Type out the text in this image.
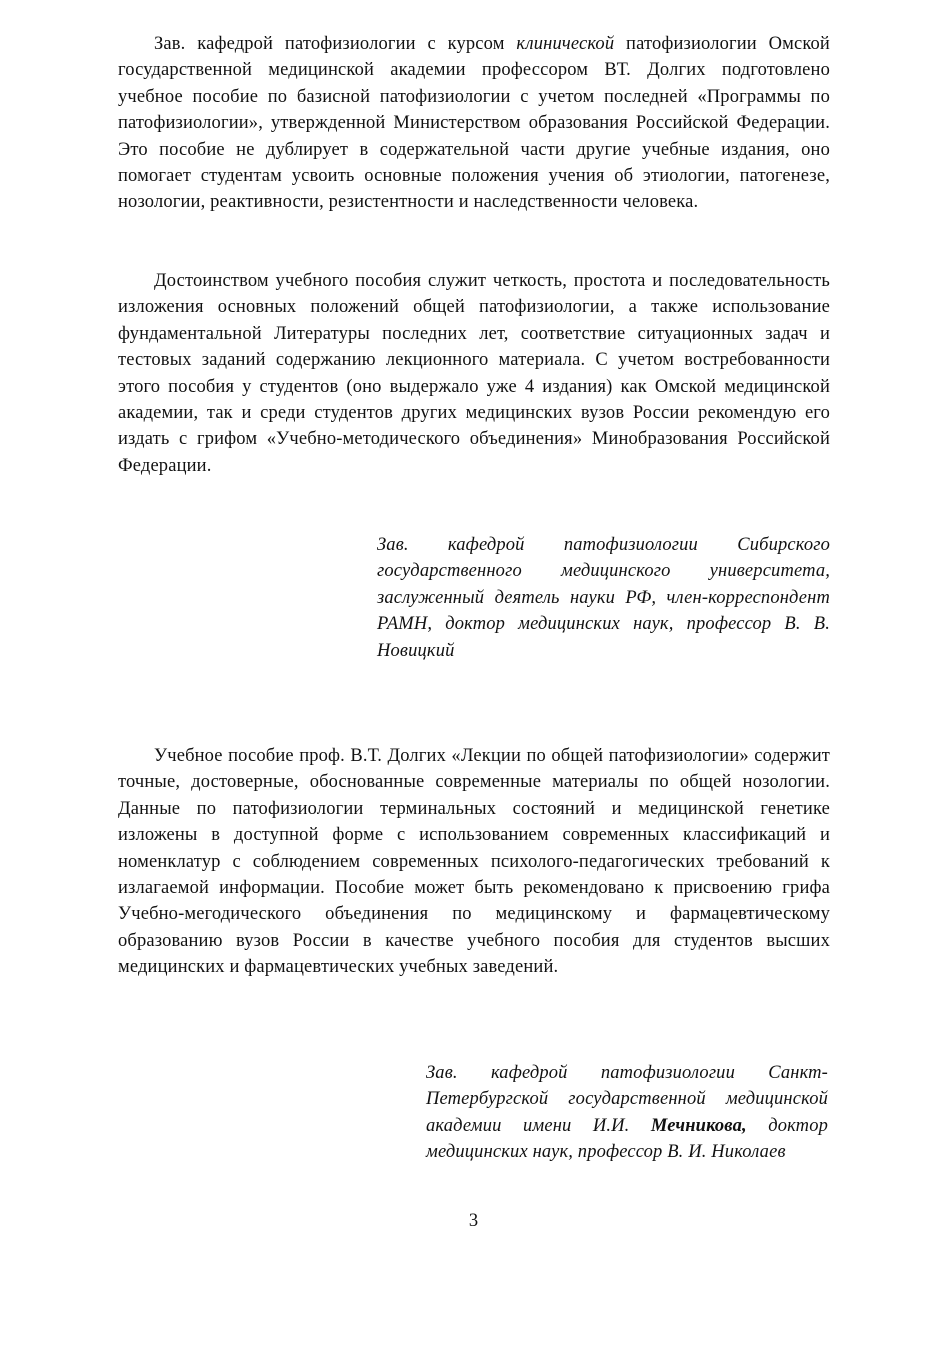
Зав. кафедрой патофизиологии с курсом клинической патофизиологии Омской государственной медицинской академии профессором ВТ. Долгих подготовлено учебное пособие по базисной патофизиологии с учетом последней «Программы по патофизиологии», утвержденной Министерством образования Российской Федерации. Это пособие не дублирует в содержательной части другие учебные издания, оно помогает студентам усвоить основные положения учения об этиологии, патогенезе, нозологии, реактивности, резистентности и наследственности человека.

Достоинством учебного пособия служит четкость, простота и последовательность изложения основных положений общей патофизиологии, а также использование фундаментальной Литературы последних лет, соответствие ситуационных задач и тестовых заданий содержанию лекционного материала. С учетом востребованности этого пособия у студентов (оно выдержало уже 4 издания) как Омской медицинской академии, так и среди студентов других медицинских вузов России рекомендую его издать с грифом «Учебно-методического объединения» Минобразования Российской Федерации.

Зав. кафедрой патофизиологии Сибирского государственного медицинского университета, заслуженный деятель науки РФ, член-корреспондент РАМН, доктор медицинских наук, профессор В. В. Новицкий

Учебное пособие проф. В.Т. Долгих «Лекции по общей патофизиологии» содержит точные, достоверные, обоснованные современные материалы по общей нозологии. Данные по патофизиологии терминальных состояний и медицинской генетике изложены в доступной форме с использованием современных классификаций и номенклатур с соблюдением современных психолого-педагогических требований к излагаемой информации. Пособие может быть рекомендовано к присвоению грифа Учебно-мегодического объединения по медицинскому и фармацевтическому образованию вузов России в качестве учебного пособия для студентов высших медицинских и фармацевтических учебных заведений.

Зав. кафедрой патофизиологии Санкт-Петербургской государственной медицинской академии имени И.И. Мечникова, доктор медицинских наук, профессор В. И. Николаев

3
